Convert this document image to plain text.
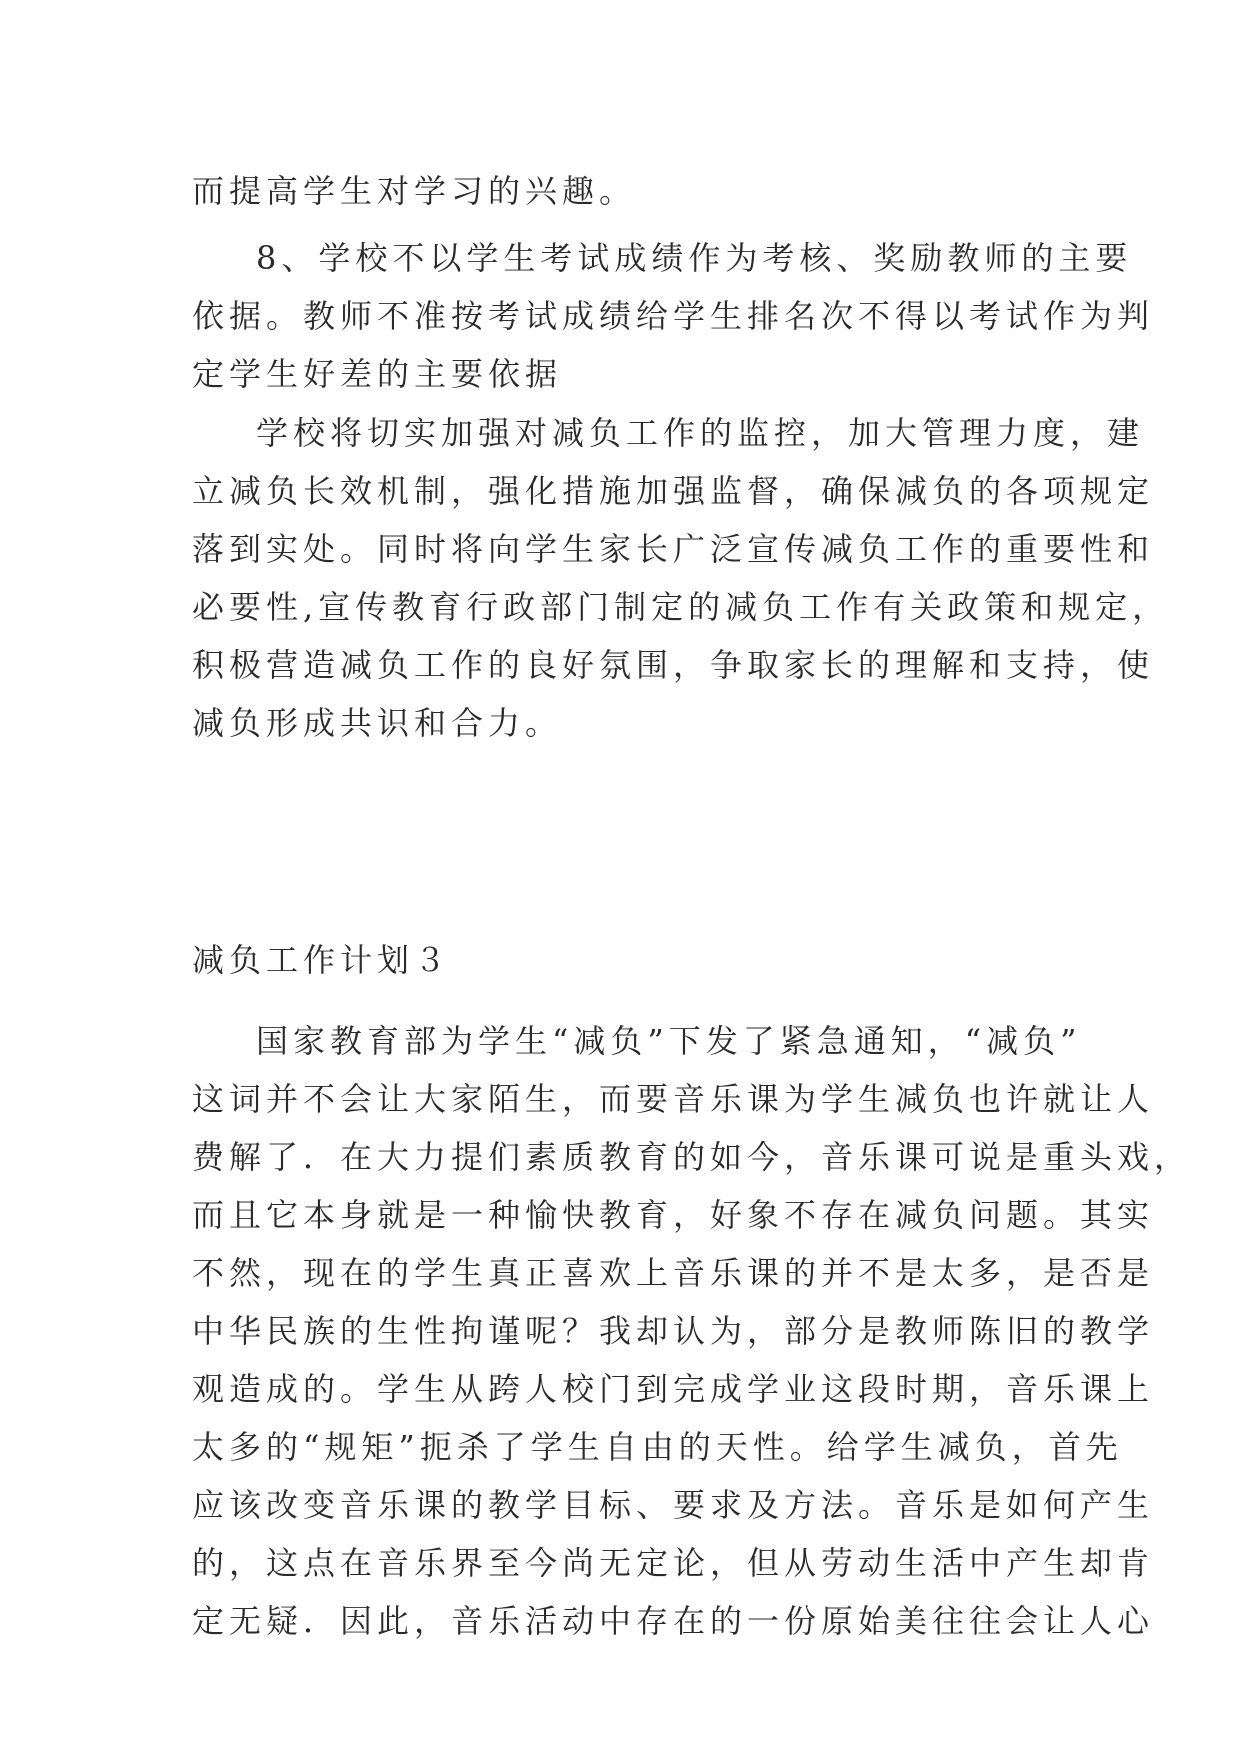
而提高学生对学习的兴趣。
8、学校不以学生考试成绩作为考核、奖励教师的主要
依据。教师不准按考试成绩给学生排名次不得以考试作为判
定学生好差的主要依据
学校将切实加强对减负工作的监控，加大管理力度，建
立减负长效机制，强化措施加强监督，确保减负的各项规定
落到实处。同时将向学生家长广泛宣传减负工作的重要性和
必要性,宣传教育行政部门制定的减负工作有关政策和规定，
积极营造减负工作的良好氛围，争取家长的理解和支持，使
减负形成共识和合力。
减负工作计划３
国家教育部为学生“减负”下发了紧急通知，“减负”
这词并不会让大家陌生，而要音乐课为学生减负也许就让人
费解了．在大力提们素质教育的如今，音乐课可说是重头戏，
而且它本身就是一种愉快教育，好象不存在减负问题。其实
不然，现在的学生真正喜欢上音乐课的并不是太多，是否是
中华民族的生性拘谨呢？我却认为，部分是教师陈旧的教学
观造成的。学生从跨人校门到完成学业这段时期，音乐课上
太多的“规矩”扼杀了学生自由的天性。给学生减负，首先
应该改变音乐课的教学目标、要求及方法。音乐是如何产生
的，这点在音乐界至今尚无定论，但从劳动生活中产生却肯
定无疑．因此，音乐活动中存在的一份原始美往往会让人心
